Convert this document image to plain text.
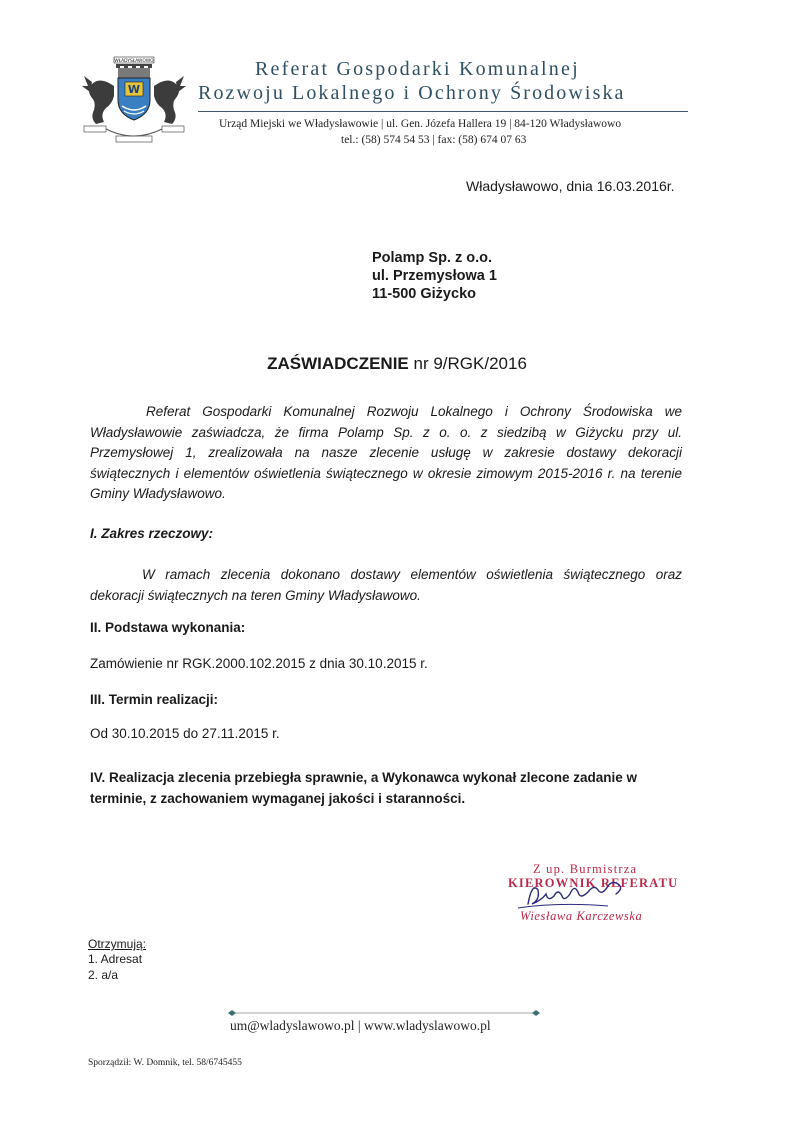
WŁADYSŁAWOWO
W
Referat Gospodarki Komunalnej
Rozwoju Lokalnego i Ochrony Środowiska
Urząd Miejski we Władysławowie | ul. Gen. Józefa Hallera 19 | 84-120 Władysławowo
tel.: (58) 574 54 53 | fax: (58) 674 07 63
Władysławowo, dnia 16.03.2016r.
Polamp Sp. z o.o.
ul. Przemysłowa 1
11-500 Giżycko
ZAŚWIADCZENIE nr 9/RGK/2016
Referat Gospodarki Komunalnej Rozwoju Lokalnego i Ochrony Środowiska we Władysławowie zaświadcza, że firma Polamp Sp. z o. o. z siedzibą w Giżycku przy ul. Przemysłowej 1, zrealizowała na nasze zlecenie usługę w zakresie dostawy dekoracji świątecznych i elementów oświetlenia świątecznego w okresie zimowym 2015-2016 r. na terenie Gminy Władysławowo.
I. Zakres rzeczowy:
W ramach zlecenia dokonano dostawy elementów oświetlenia świątecznego oraz dekoracji świątecznych na teren Gminy Władysławowo.
II. Podstawa wykonania:
Zamówienie nr RGK.2000.102.2015 z dnia 30.10.2015 r.
III. Termin realizacji:
Od 30.10.2015 do 27.11.2015 r.
IV. Realizacja zlecenia przebiegła sprawnie, a Wykonawca wykonał zlecone zadanie w terminie, z zachowaniem wymaganej jakości i staranności.
Z up. Burmistrza
KIEROWNIK REFERATU
Wiesława Karczewska
Otrzymują:
1. Adresat
2. a/a
um@wladyslawowo.pl | www.wladyslawowo.pl
Sporządził: W. Domnik, tel. 58/6745455
